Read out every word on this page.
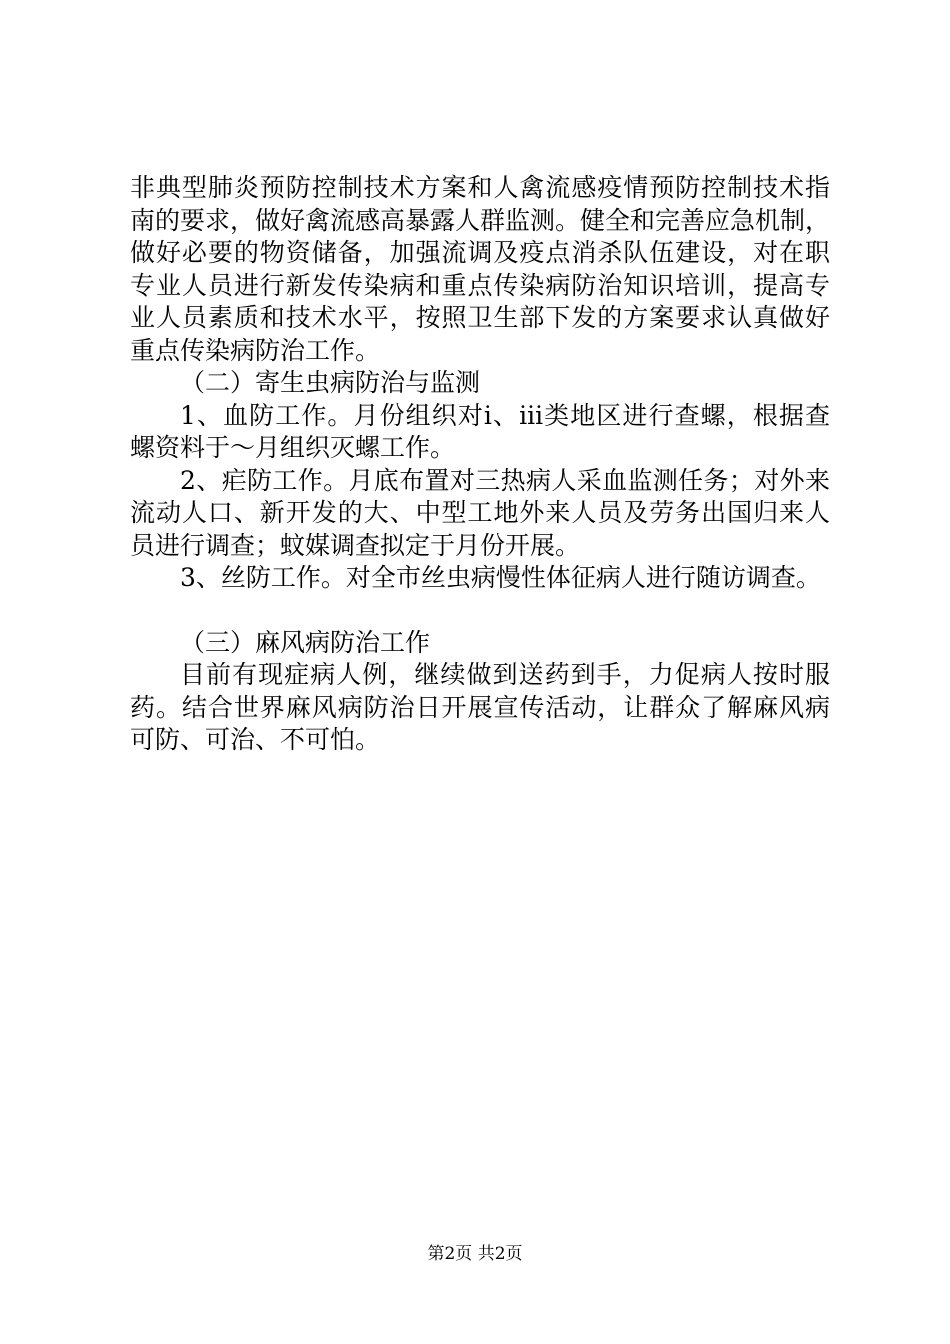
非典型肺炎预防控制技术方案和人禽流感疫情预防控制技术指
南的要求，做好禽流感高暴露人群监测。健全和完善应急机制，
做好必要的物资储备，加强流调及疫点消杀队伍建设，对在职
专业人员进行新发传染病和重点传染病防治知识培训，提高专
业人员素质和技术水平，按照卫生部下发的方案要求认真做好
重点传染病防治工作。
（二）寄生虫病防治与监测
1、血防工作。月份组织对ⅰ、ⅲ类地区进行查螺，根据查
螺资料于～月组织灭螺工作。
2、疟防工作。月底布置对三热病人采血监测任务；对外来
流动人口、新开发的大、中型工地外来人员及劳务出国归来人
员进行调查；蚊媒调查拟定于月份开展。
3、丝防工作。对全市丝虫病慢性体征病人进行随访调查。
（三）麻风病防治工作
目前有现症病人例，继续做到送药到手，力促病人按时服
药。结合世界麻风病防治日开展宣传活动，让群众了解麻风病
可防、可治、不可怕。
第2页 共2页
